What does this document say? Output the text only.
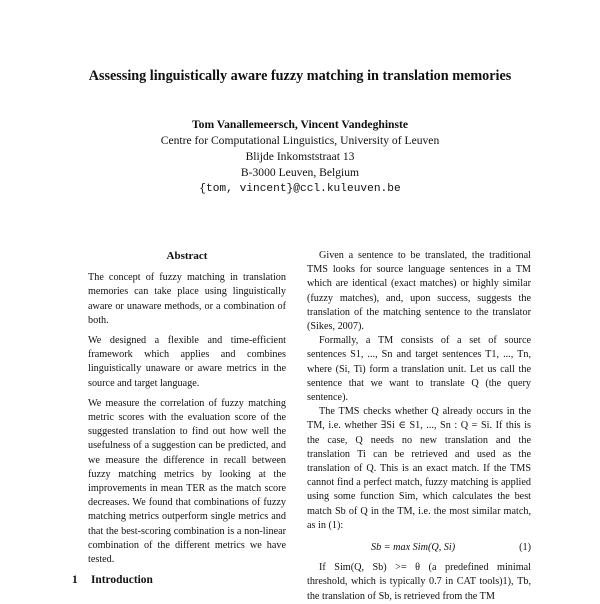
Assessing linguistically aware fuzzy matching in translation memories
Tom Vanallemeersch, Vincent Vandeghinste
Centre for Computational Linguistics, University of Leuven
Blijde Inkomststraat 13
B-3000 Leuven, Belgium
{tom, vincent}@ccl.kuleuven.be
Abstract

The concept of fuzzy matching in translation memories can take place using linguistically aware or unaware methods, or a combination of both.

We designed a flexible and time-efficient framework which applies and combines linguistically unaware or aware metrics in the source and target language.

We measure the correlation of fuzzy matching metric scores with the evaluation score of the suggested translation to find out how well the usefulness of a suggestion can be predicted, and we measure the difference in recall between fuzzy matching metrics by looking at the improvements in mean TER as the match score decreases. We found that combinations of fuzzy matching metrics outperform single metrics and that the best-scoring combination is a non-linear combination of the different metrics we have tested.

Given a sentence to be translated, the traditional TMS looks for source language sentences in a TM which are identical (exact matches) or highly similar (fuzzy matches), and, upon success, suggests the translation of the matching sentence to the translator (Sikes, 2007).

Formally, a TM consists of a set of source sentences S1, ..., Sn and target sentences T1, ..., Tn, where (Si, Ti) form a translation unit. Let us call the sentence that we want to translate Q (the query sentence).

The TMS checks whether Q already occurs in the TM, i.e. whether ∃Si ∈ S1, ..., Sn : Q = Si. If this is the case, Q needs no new translation and the translation Ti can be retrieved and used as the translation of Q. This is an exact match. If the TMS cannot find a perfect match, fuzzy matching is applied using some function Sim, which calculates the best match Sb of Q in the TM, i.e. the most similar match, as in (1):

Sb = max Sim(Q, Si)	(1)

If Sim(Q, Sb) >= θ (a predefined minimal threshold, which is typically 0.7 in CAT tools)1), Tb, the translation of Sb, is retrieved from the TM

1 Introduction
